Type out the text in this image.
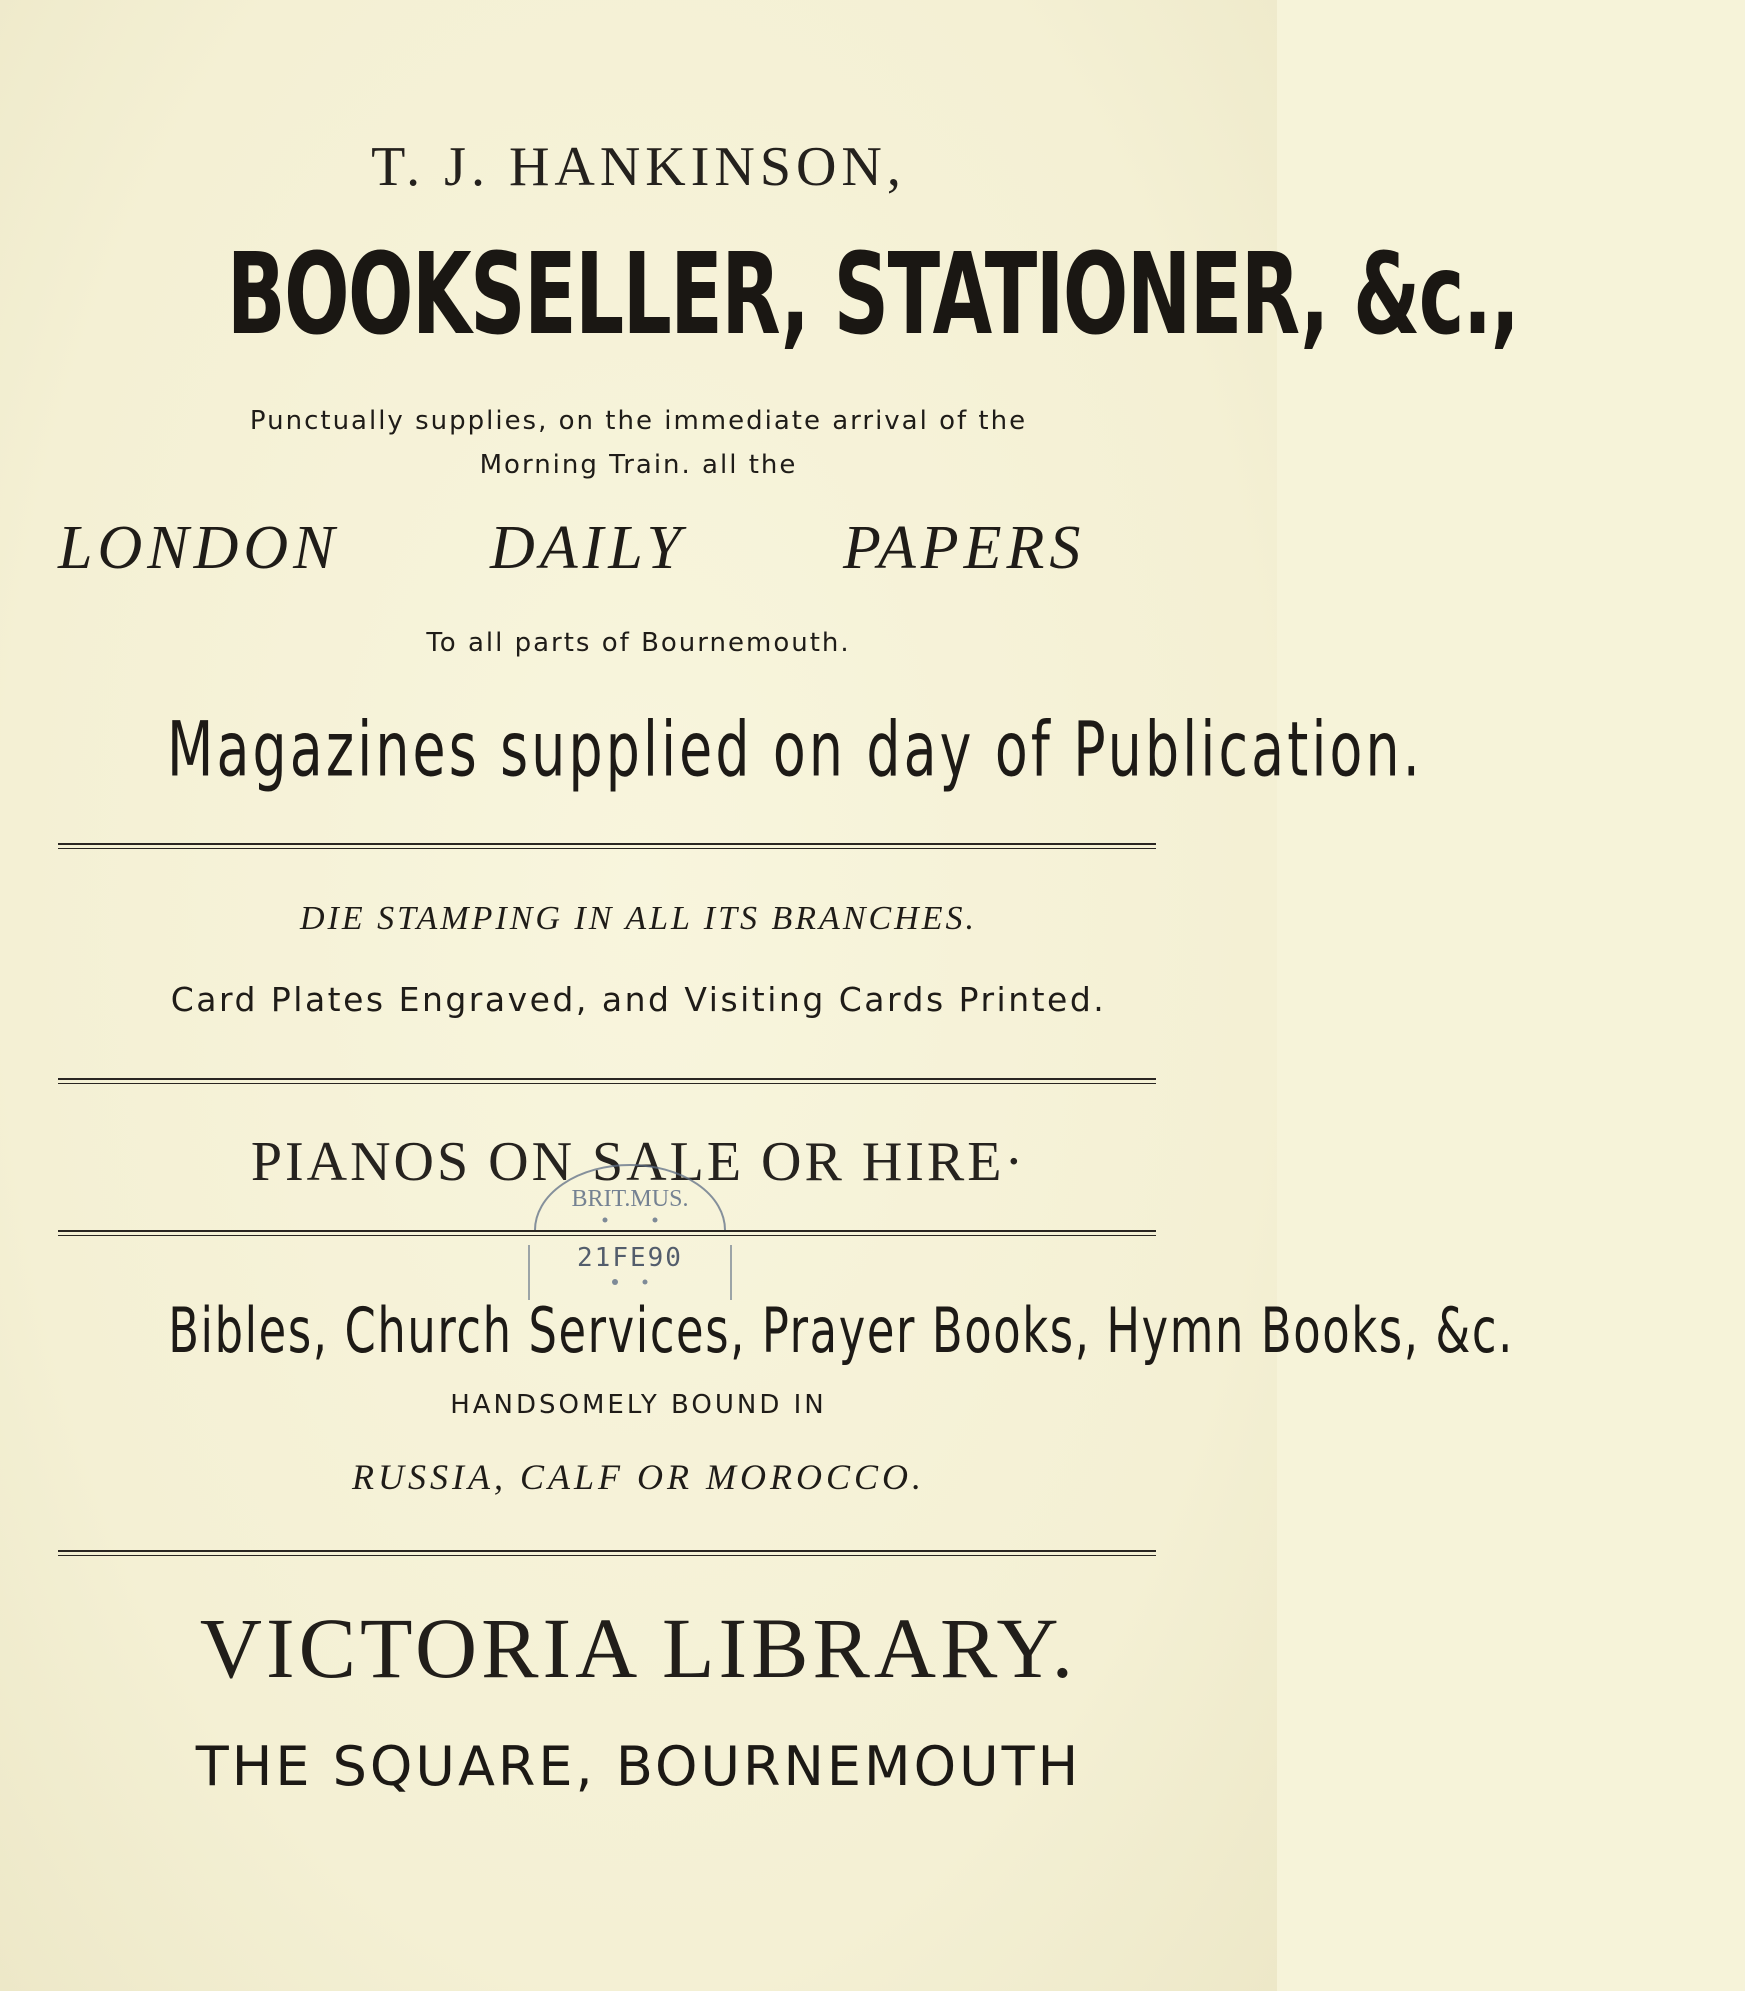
T. J. HANKINSON,
BOOKSELLER, STATIONER, &c.,
Punctually supplies, on the immediate arrival of the
Morning Train. all the
LONDON DAILY	PAPERS
To all parts of Bournemouth.
Magazines supplied on day of Publication.
DIE STAMPING IN ALL ITS BRANCHES.
Card Plates Engraved, and Visiting Cards Printed.
PIANOS ON SALE OR HIRE·
BRIT.MUS.
21FE90
Bibles, Church Services, Prayer Books, Hymn Books, &c.
HANDSOMELY BOUND IN
RUSSIA, CALF OR MOROCCO.
VICTORIA LIBRARY.
THE SQUARE, BOURNEMOUTH
